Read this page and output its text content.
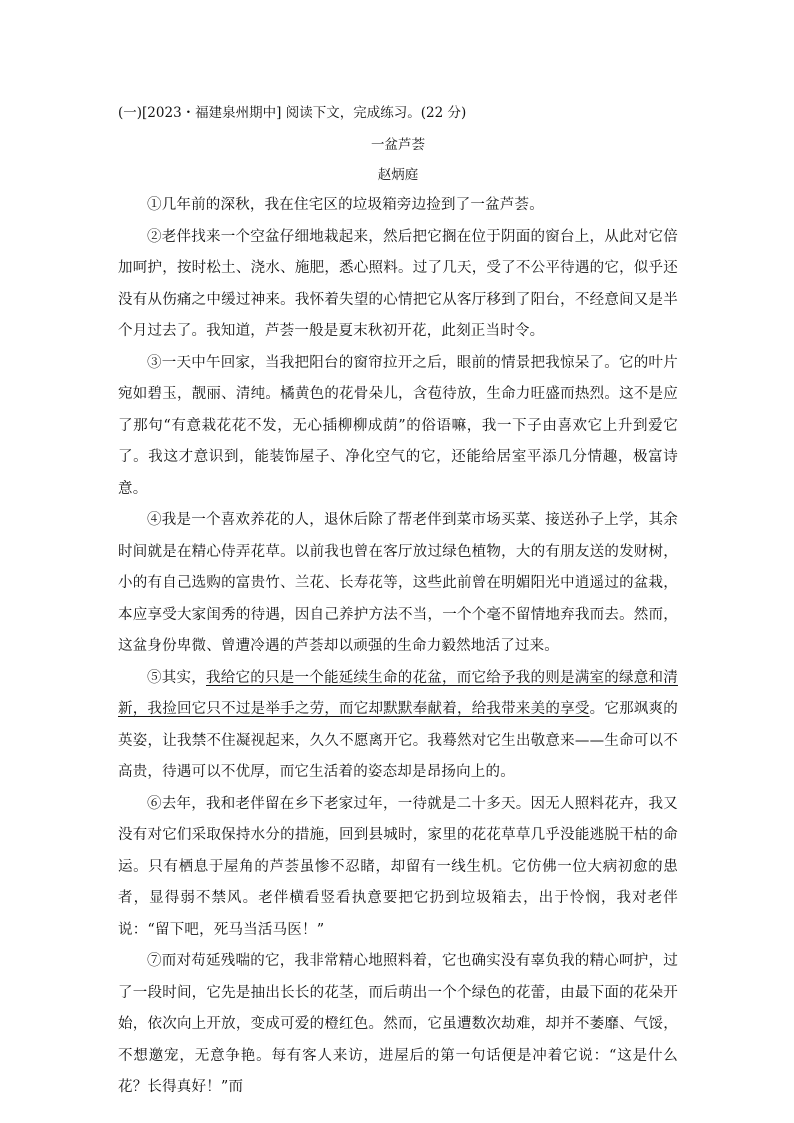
(一)[2023・福建泉州期中] 阅读下文，完成练习。(22 分)
一盆芦荟
赵炳庭

①几年前的深秋，我在住宅区的垃圾箱旁边捡到了一盆芦荟。

②老伴找来一个空盆仔细地栽起来，然后把它搁在位于阴面的窗台上，从此对它倍加呵护，按时松土、浇水、施肥，悉心照料。过了几天，受了不公平待遇的它，似乎还没有从伤痛之中缓过神来。我怀着失望的心情把它从客厅移到了阳台，不经意间又是半个月过去了。我知道，芦荟一般是夏末秋初开花，此刻正当时令。

③一天中午回家，当我把阳台的窗帘拉开之后，眼前的情景把我惊呆了。它的叶片宛如碧玉，靓丽、清纯。橘黄色的花骨朵儿，含苞待放，生命力旺盛而热烈。这不是应了那句“有意栽花花不发，无心插柳柳成荫”的俗语嘛，我一下子由喜欢它上升到爱它了。我这才意识到，能装饰屋子、净化空气的它，还能给居室平添几分情趣，极富诗意。

④我是一个喜欢养花的人，退休后除了帮老伴到菜市场买菜、接送孙子上学，其余时间就是在精心侍弄花草。以前我也曾在客厅放过绿色植物，大的有朋友送的发财树，小的有自己选购的富贵竹、兰花、长寿花等，这些此前曾在明媚阳光中逍遥过的盆栽，本应享受大家闺秀的待遇，因自己养护方法不当，一个个毫不留情地弃我而去。然而，这盆身份卑微、曾遭冷遇的芦荟却以顽强的生命力毅然地活了过来。

⑤其实，我给它的只是一个能延续生命的花盆，而它给予我的则是满室的绿意和清新，我捡回它只不过是举手之劳，而它却默默奉献着，给我带来美的享受。它那飒爽的英姿，让我禁不住凝视起来，久久不愿离开它。我蓦然对它生出敬意来——生命可以不高贵，待遇可以不优厚，而它生活着的姿态却是昂扬向上的。

⑥去年，我和老伴留在乡下老家过年，一待就是二十多天。因无人照料花卉，我又没有对它们采取保持水分的措施，回到县城时，家里的花花草草几乎没能逃脱干枯的命运。只有栖息于屋角的芦荟虽惨不忍睹，却留有一线生机。它仿佛一位大病初愈的患者，显得弱不禁风。老伴横看竖看执意要把它扔到垃圾箱去，出于怜悯，我对老伴说：“留下吧，死马当活马医！”

⑦而对苟延残喘的它，我非常精心地照料着，它也确实没有辜负我的精心呵护，过了一段时间，它先是抽出长长的花茎，而后萌出一个个绿色的花蕾，由最下面的花朵开始，依次向上开放，变成可爱的橙红色。然而，它虽遭数次劫难，却并不萎靡、气馁，不想邀宠，无意争艳。每有客人来访，进屋后的第一句话便是冲着它说：“这是什么花？长得真好！”而
